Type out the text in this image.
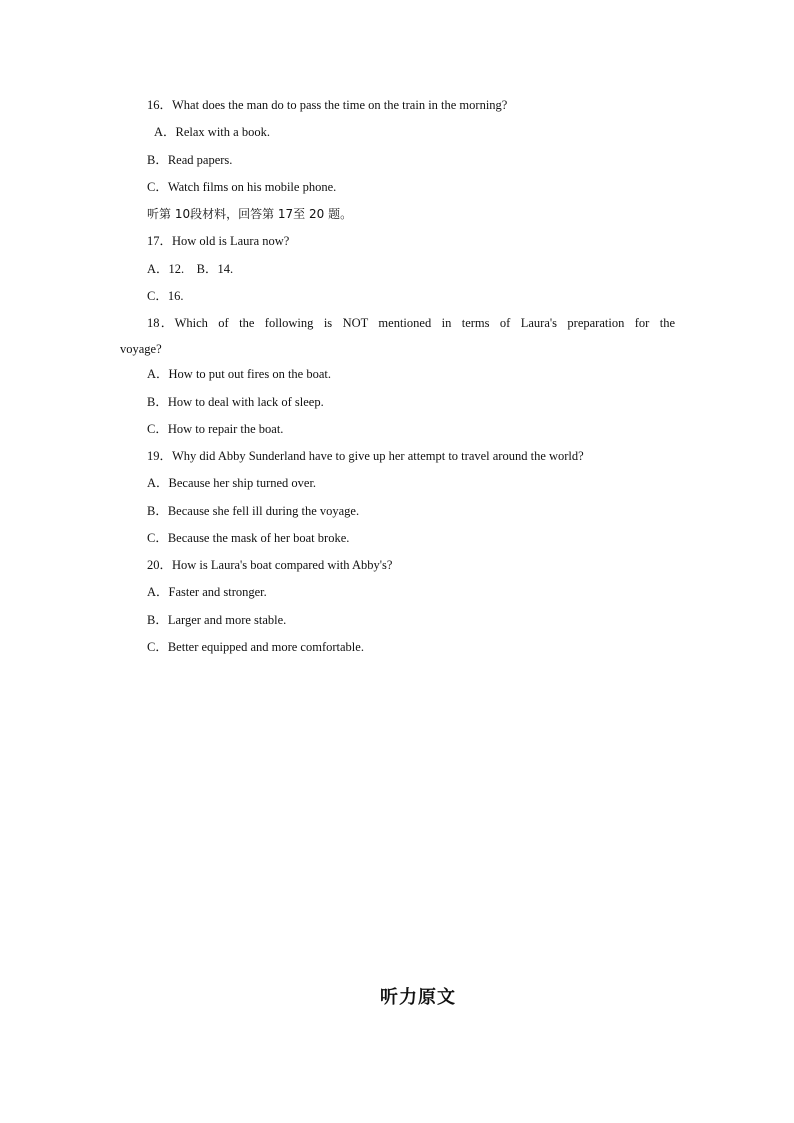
16．What does the man do to pass the time on the train in the morning?
A．Relax with a book.
B．Read papers.
C．Watch films on his mobile phone.
听第 10段材料，回答第 17至 20 题。
17．How old is Laura now?
A．12.    B．14.
C．16.
18．Which of the following is NOT mentioned in terms of Laura's preparation for the
voyage?
A．How to put out fires on the boat.
B．How to deal with lack of sleep.
C．How to repair the boat.
19．Why did Abby Sunderland have to give up her attempt to travel around the world?
A．Because her ship turned over.
B．Because she fell ill during the voyage.
C．Because the mask of her boat broke.
20．How is Laura's boat compared with Abby's?
A．Faster and stronger.
B．Larger and more stable.
C．Better equipped and more comfortable.
听力原文
